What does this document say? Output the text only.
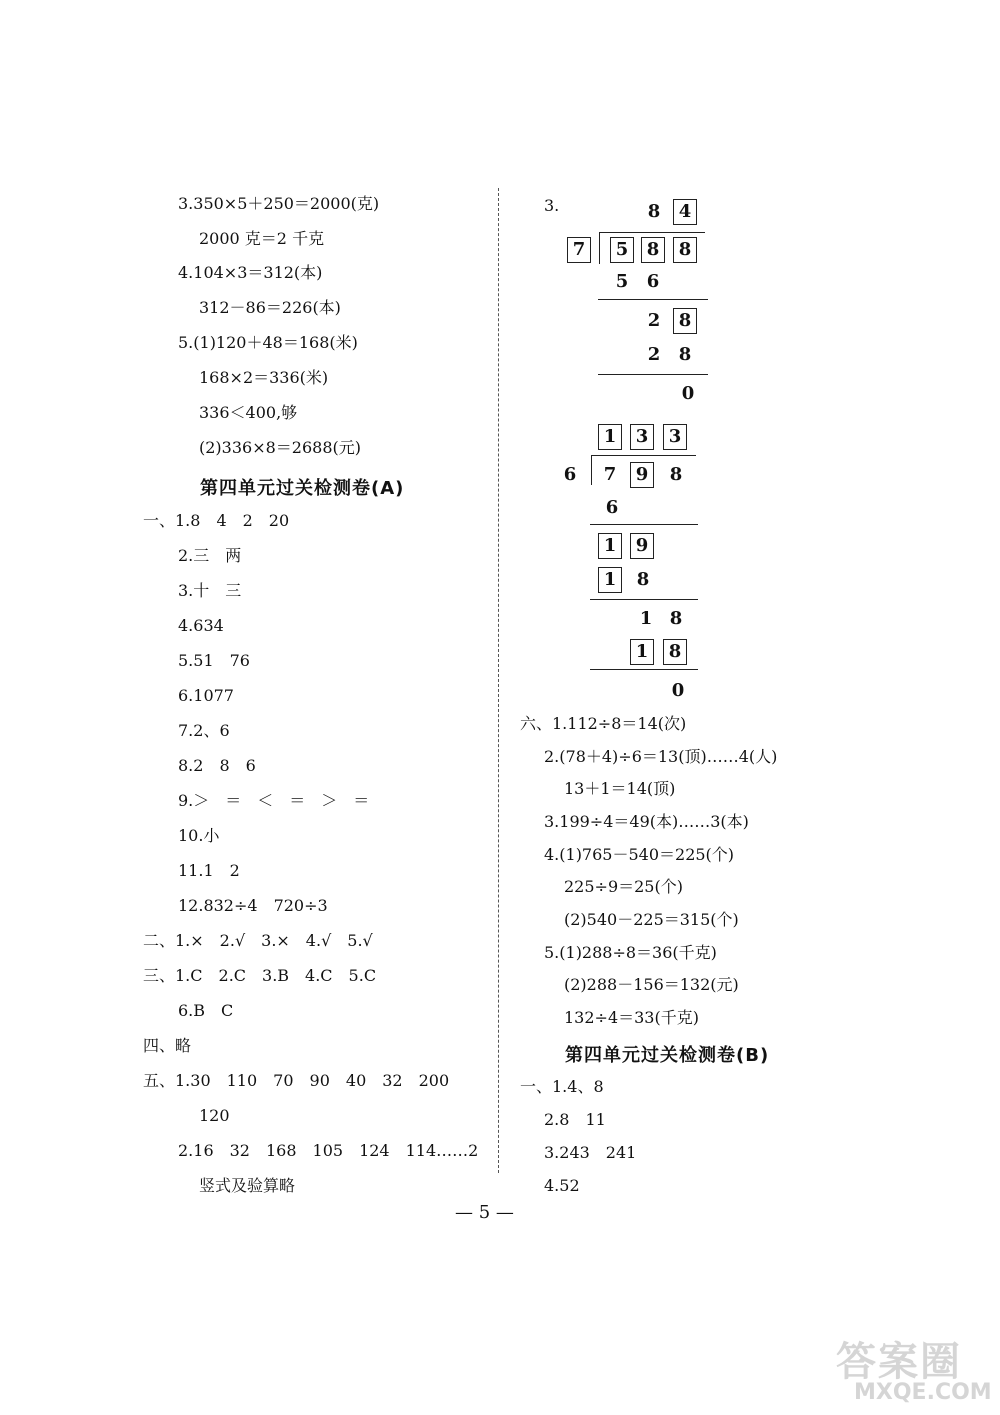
3.350×5＋250＝2000(克)
2000 克＝2 千克
4.104×3＝312(本)
312－86＝226(本)
5.(1)120＋48＝168(米)
168×2＝336(米)
336＜400,够
(2)336×8＝2688(元)
第四单元过关检测卷(A)
一、1.8　4　2　20
2.三　两
3.十　三
4.634
5.51　76
6.1077
7.2、6
8.2　8　6
9.＞　＝　＜　＝　＞　＝
10.小
11.1　2
12.832÷4　720÷3
二、1.×　2.√　3.×　4.√　5.√
三、1.C　2.C　3.B　4.C　5.C
6.B　C
四、略
五、1.30　110　70　90　40　32　200
120
2.16　32　168　105　124　114……2
竖式及验算略
3.	8	4
7	5	8	8
5	6
2	8
2	8
0
1	3	3
6	7	9	8
6
1	9
1	8
1 8
1	8
0
六、1.112÷8＝14(次)
2.(78＋4)÷6＝13(顶)……4(人)
13＋1＝14(顶)
3.199÷4＝49(本)……3(本)
4.(1)765－540＝225(个)
225÷9＝25(个)
(2)540－225＝315(个)
5.(1)288÷8＝36(千克)
(2)288－156＝132(元)
132÷4＝33(千克)
第四单元过关检测卷(B)
一、1.4、8
2.8　11
3.243　241
4.52
— 5 —
答案圈
MXQE.COM
